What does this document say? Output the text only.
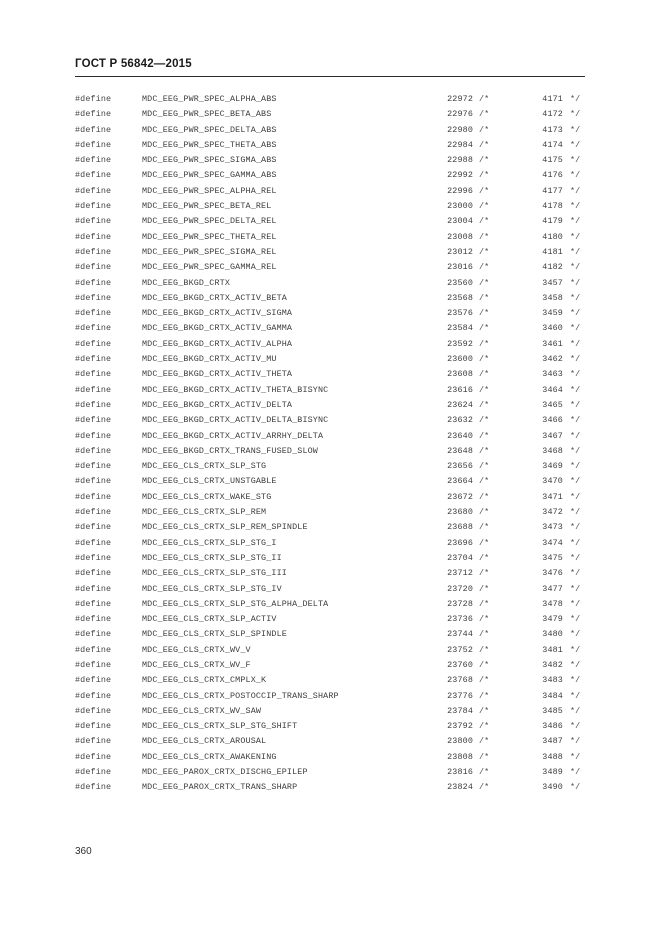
ГОСТ Р 56842—2015
#define	MDC_EEG_PWR_SPEC_ALPHA_ABS	22972 /*	4171 */
#define	MDC_EEG_PWR_SPEC_BETA_ABS	22976 /*	4172 */
#define	MDC_EEG_PWR_SPEC_DELTA_ABS	22980 /*	4173 */
#define	MDC_EEG_PWR_SPEC_THETA_ABS	22984 /*	4174 */
#define	MDC_EEG_PWR_SPEC_SIGMA_ABS	22988 /*	4175 */
#define	MDC_EEG_PWR_SPEC_GAMMA_ABS	22992 /*	4176 */
#define	MDC_EEG_PWR_SPEC_ALPHA_REL	22996 /*	4177 */
#define	MDC_EEG_PWR_SPEC_BETA_REL	23000 /*	4178 */
#define	MDC_EEG_PWR_SPEC_DELTA_REL	23004 /*	4179 */
#define	MDC_EEG_PWR_SPEC_THETA_REL	23008 /*	4180 */
#define	MDC_EEG_PWR_SPEC_SIGMA_REL	23012 /*	4181 */
#define	MDC_EEG_PWR_SPEC_GAMMA_REL	23016 /*	4182 */
#define	MDC_EEG_BKGD_CRTX	23560 /*	3457 */
#define	MDC_EEG_BKGD_CRTX_ACTIV_BETA	23568 /*	3458 */
#define	MDC_EEG_BKGD_CRTX_ACTIV_SIGMA	23576 /*	3459 */
#define	MDC_EEG_BKGD_CRTX_ACTIV_GAMMA	23584 /*	3460 */
#define	MDC_EEG_BKGD_CRTX_ACTIV_ALPHA	23592 /*	3461 */
#define	MDC_EEG_BKGD_CRTX_ACTIV_MU	23600 /*	3462 */
#define	MDC_EEG_BKGD_CRTX_ACTIV_THETA	23608 /*	3463 */
#define	MDC_EEG_BKGD_CRTX_ACTIV_THETA_BISYNC	23616 /*	3464 */
#define	MDC_EEG_BKGD_CRTX_ACTIV_DELTA	23624 /*	3465 */
#define	MDC_EEG_BKGD_CRTX_ACTIV_DELTA_BISYNC	23632 /*	3466 */
#define	MDC_EEG_BKGD_CRTX_ACTIV_ARRHY_DELTA	23640 /*	3467 */
#define	MDC_EEG_BKGD_CRTX_TRANS_FUSED_SLOW	23648 /*	3468 */
#define	MDC_EEG_CLS_CRTX_SLP_STG	23656 /*	3469 */
#define	MDC_EEG_CLS_CRTX_UNSTGABLE	23664 /*	3470 */
#define	MDC_EEG_CLS_CRTX_WAKE_STG	23672 /*	3471 */
#define	MDC_EEG_CLS_CRTX_SLP_REM	23680 /*	3472 */
#define	MDC_EEG_CLS_CRTX_SLP_REM_SPINDLE	23688 /*	3473 */
#define	MDC_EEG_CLS_CRTX_SLP_STG_I	23696 /*	3474 */
#define	MDC_EEG_CLS_CRTX_SLP_STG_II	23704 /*	3475 */
#define	MDC_EEG_CLS_CRTX_SLP_STG_III	23712 /*	3476 */
#define	MDC_EEG_CLS_CRTX_SLP_STG_IV	23720 /*	3477 */
#define	MDC_EEG_CLS_CRTX_SLP_STG_ALPHA_DELTA	23728 /*	3478 */
#define	MDC_EEG_CLS_CRTX_SLP_ACTIV	23736 /*	3479 */
#define	MDC_EEG_CLS_CRTX_SLP_SPINDLE	23744 /*	3480 */
#define	MDC_EEG_CLS_CRTX_WV_V	23752 /*	3481 */
#define	MDC_EEG_CLS_CRTX_WV_F	23760 /*	3482 */
#define	MDC_EEG_CLS_CRTX_CMPLX_K	23768 /*	3483 */
#define	MDC_EEG_CLS_CRTX_POSTOCCIP_TRANS_SHARP	23776 /*	3484 */
#define	MDC_EEG_CLS_CRTX_WV_SAW	23784 /*	3485 */
#define	MDC_EEG_CLS_CRTX_SLP_STG_SHIFT	23792 /*	3486 */
#define	MDC_EEG_CLS_CRTX_AROUSAL	23800 /*	3487 */
#define	MDC_EEG_CLS_CRTX_AWAKENING	23808 /*	3488 */
#define	MDC_EEG_PAROX_CRTX_DISCHG_EPILEP	23816 /*	3489 */
#define	MDC_EEG_PAROX_CRTX_TRANS_SHARP	23824 /*	3490 */
360
